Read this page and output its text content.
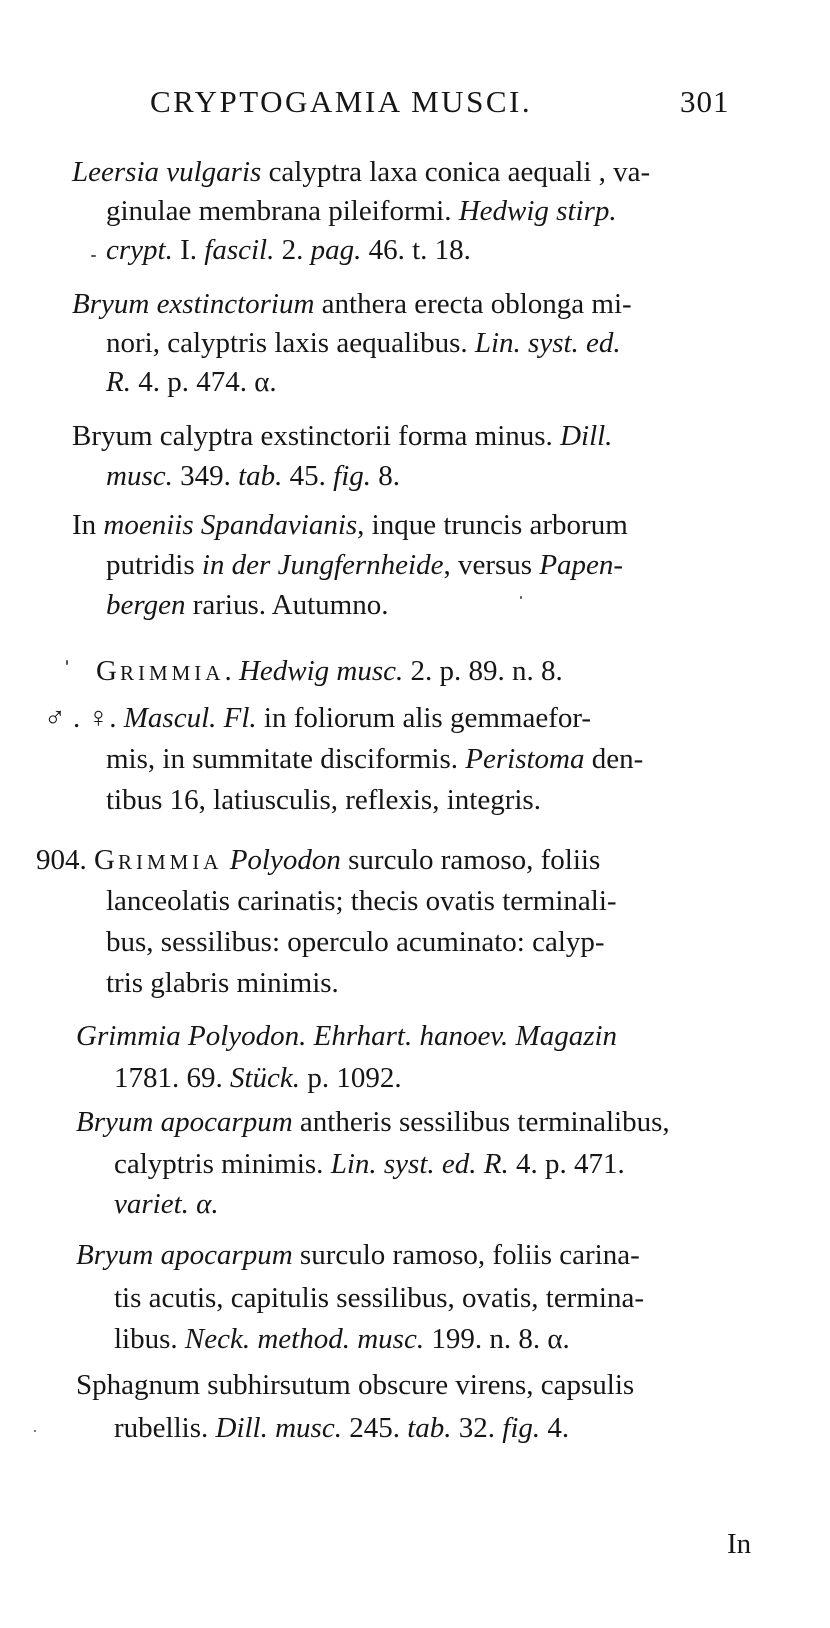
CRYPTOGAMIA MUSCI.	301
Leersia vulgaris calyptra laxa conica aequali , va-
ginulae membrana pileiformi. Hedwig stirp.
crypt. I. fascil. 2. pag. 46. t. 18.
Bryum exstinctorium anthera erecta oblonga mi-
nori, calyptris laxis aequalibus. Lin. syst. ed.
R. 4. p. 474. α.
Bryum calyptra exstinctorii forma minus. Dill.
musc. 349. tab. 45. fig. 8.
In moeniis Spandavianis, inque truncis arborum
putridis in der Jungfernheide, versus Papen-
bergen rarius. Autumno.
GRIMMIA. Hedwig musc. 2. p. 89. n. 8.
♂ . ♀. Mascul. Fl. in foliorum alis gemmaefor-
mis, in summitate disciformis. Peristoma den-
tibus 16, latiusculis, reflexis, integris.
904. GRIMMIA Polyodon surculo ramoso, foliis
lanceolatis carinatis; thecis ovatis terminali-
bus, sessilibus: operculo acuminato: calyp-
tris glabris minimis.
Grimmia Polyodon. Ehrhart. hanoev. Magazin
1781. 69. Stück. p. 1092.
Bryum apocarpum antheris sessilibus terminalibus,
calyptris minimis. Lin. syst. ed. R. 4. p. 471.
variet. α.
Bryum apocarpum surculo ramoso, foliis carina-
tis acutis, capitulis sessilibus, ovatis, termina-
libus. Neck. method. musc. 199. n. 8. α.
Sphagnum subhirsutum obscure virens, capsulis
rubellis. Dill. musc. 245. tab. 32. fig. 4.
In
